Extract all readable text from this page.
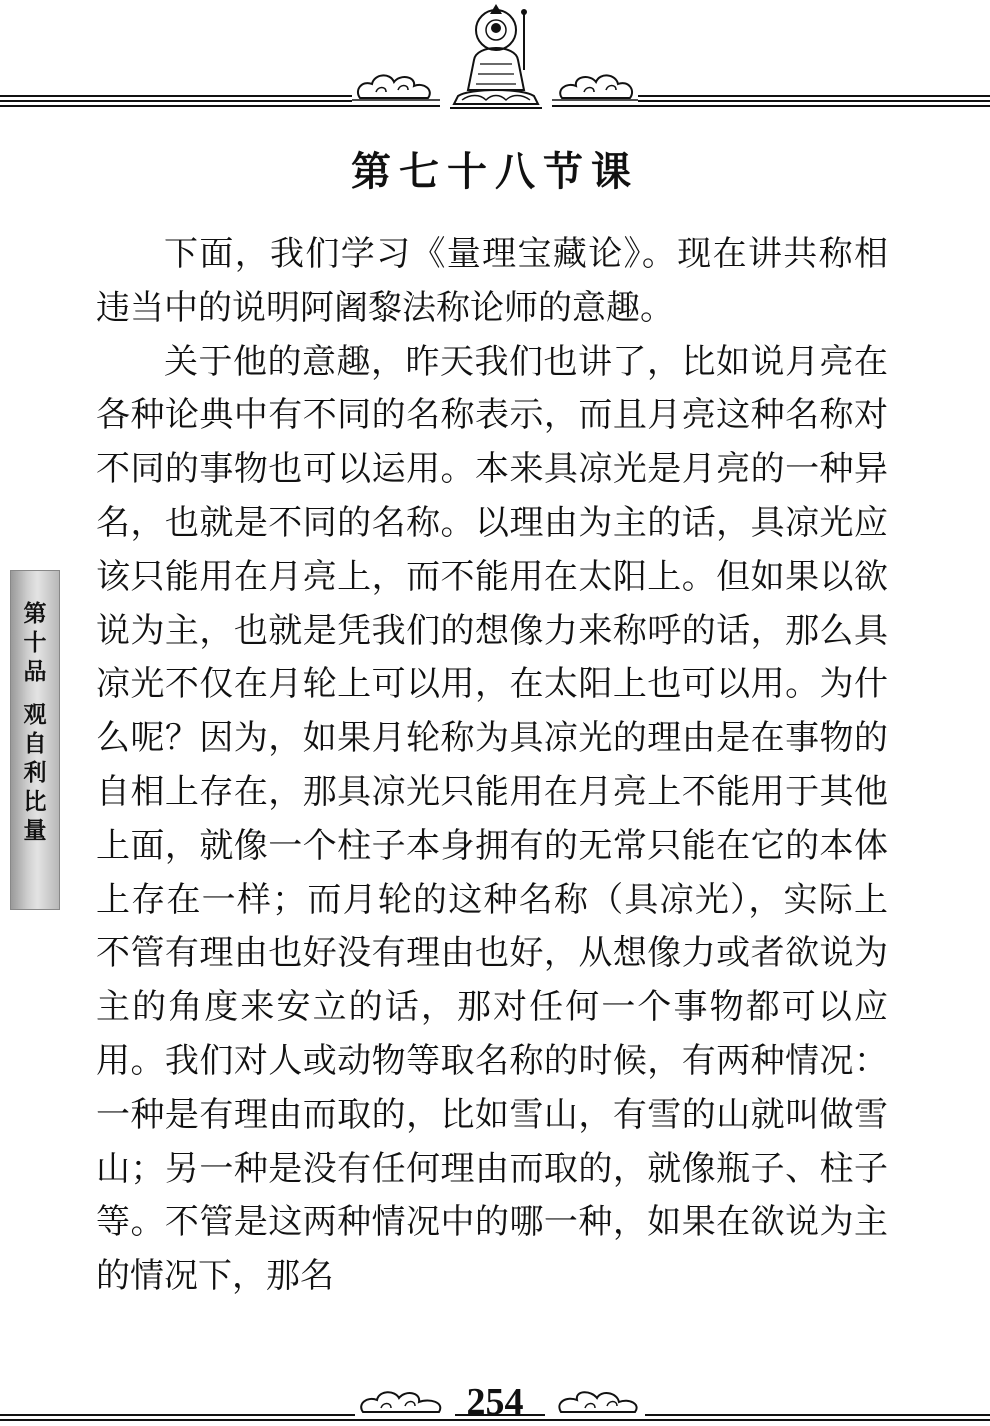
第七十八节课
第
十
品
观
自
利
比
量

下面，我们学习《量理宝藏论》。现在讲共称相违当中的说明阿阇黎法称论师的意趣。

关于他的意趣，昨天我们也讲了，比如说月亮在各种论典中有不同的名称表示，而且月亮这种名称对不同的事物也可以运用。本来具凉光是月亮的一种异名，也就是不同的名称。以理由为主的话，具凉光应该只能用在月亮上，而不能用在太阳上。但如果以欲说为主，也就是凭我们的想像力来称呼的话，那么具凉光不仅在月轮上可以用，在太阳上也可以用。为什么呢？因为，如果月轮称为具凉光的理由是在事物的自相上存在，那具凉光只能用在月亮上不能用于其他上面，就像一个柱子本身拥有的无常只能在它的本体上存在一样；而月轮的这种名称（具凉光），实际上不管有理由也好没有理由也好，从想像力或者欲说为主的角度来安立的话，那对任何一个事物都可以应用。我们对人或动物等取名称的时候，有两种情况：一种是有理由而取的，比如雪山，有雪的山就叫做雪山；另一种是没有任何理由而取的，就像瓶子、柱子等。不管是这两种情况中的哪一种，如果在欲说为主的情况下，那名

254
